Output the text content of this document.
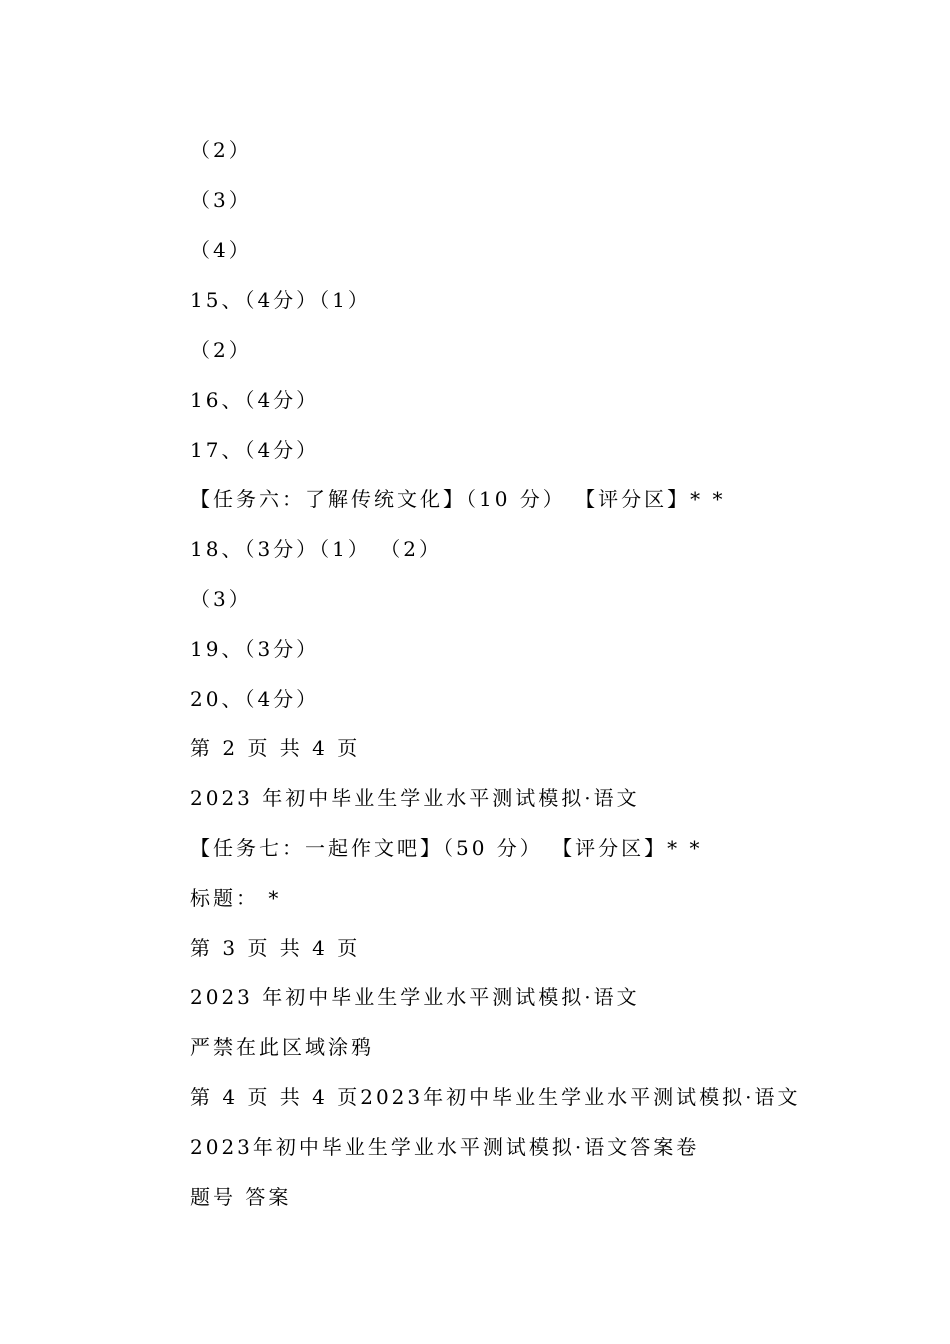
（2）
（3）
（4）
15、（4分）（1）
（2）
16、（4分）
17、（4分）
【任务六：了解传统文化】（10 分） 【评分区】* *
18、（3分）（1） （2）
（3）
19、（3分）
20、（4分）
第 2 页 共 4 页
2023 年初中毕业生学业水平测试模拟·语文
【任务七：一起作文吧】（50 分） 【评分区】* *
标题： *
第 3 页 共 4 页
2023 年初中毕业生学业水平测试模拟·语文
严禁在此区域涂鸦
第 4 页 共 4 页2023年初中毕业生学业水平测试模拟·语文
2023年初中毕业生学业水平测试模拟·语文答案卷
题号 答案
